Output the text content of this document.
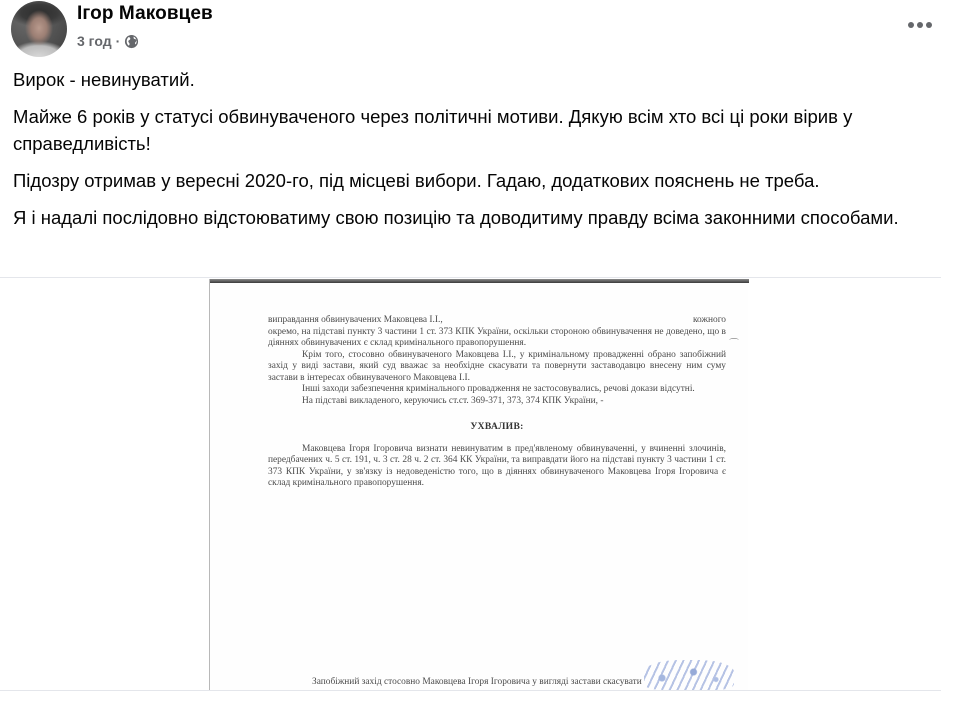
Ігор Маковцев
3 год ·

Вирок - невинуватий.

Майже 6 років у статусі обвинуваченого через політичні мотиви. Дякую всім хто всі ці роки вірив у справедливість!

Підозру отримав у вересні 2020-го, під місцеві вибори. Гадаю, додаткових пояснень не треба.

Я і надалі послідовно відстоюватиму свою позицію та доводитиму правду всіма законними способами.

виправдання обвинувачених Маковцева І.І.,	кожного

окремо, на підставі пункту 3 частини 1 ст. 373 КПК України, оскільки стороною обвинувачення не доведено, що в діяннях обвинувачених є склад кримінального правопорушення.

Крім того, стосовно обвинуваченого Маковцева І.І., у кримінальному провадженні обрано запобіжний захід у виді застави, який суд вважає за необхідне скасувати та повернути заставодавцю внесену ним суму застави в інтересах обвинуваченого Маковцева І.І.

Інші заходи забезпечення кримінального провадження не застосовувались, речові докази відсутні.

На підставі викладеного, керуючись ст.ст. 369-371, 373, 374 КПК України, -

УХВАЛИВ:

Маковцева Ігоря Ігоровича визнати невинуватим в пред'явленому обвинуваченні, у вчиненні злочинів, передбачених ч. 5 ст. 191, ч. 3 ст. 28 ч. 2 ст. 364 КК України, та виправдати його на підставі пункту 3 частини 1 ст. 373 КПК України, у зв'язку із недоведеністю того, що в діяннях обвинуваченого Маковцева Ігоря Ігоровича є склад кримінального правопорушення.

⌒
Запобіжний захід стосовно Маковцева Ігоря Ігоровича у вигляді застави скасувати
